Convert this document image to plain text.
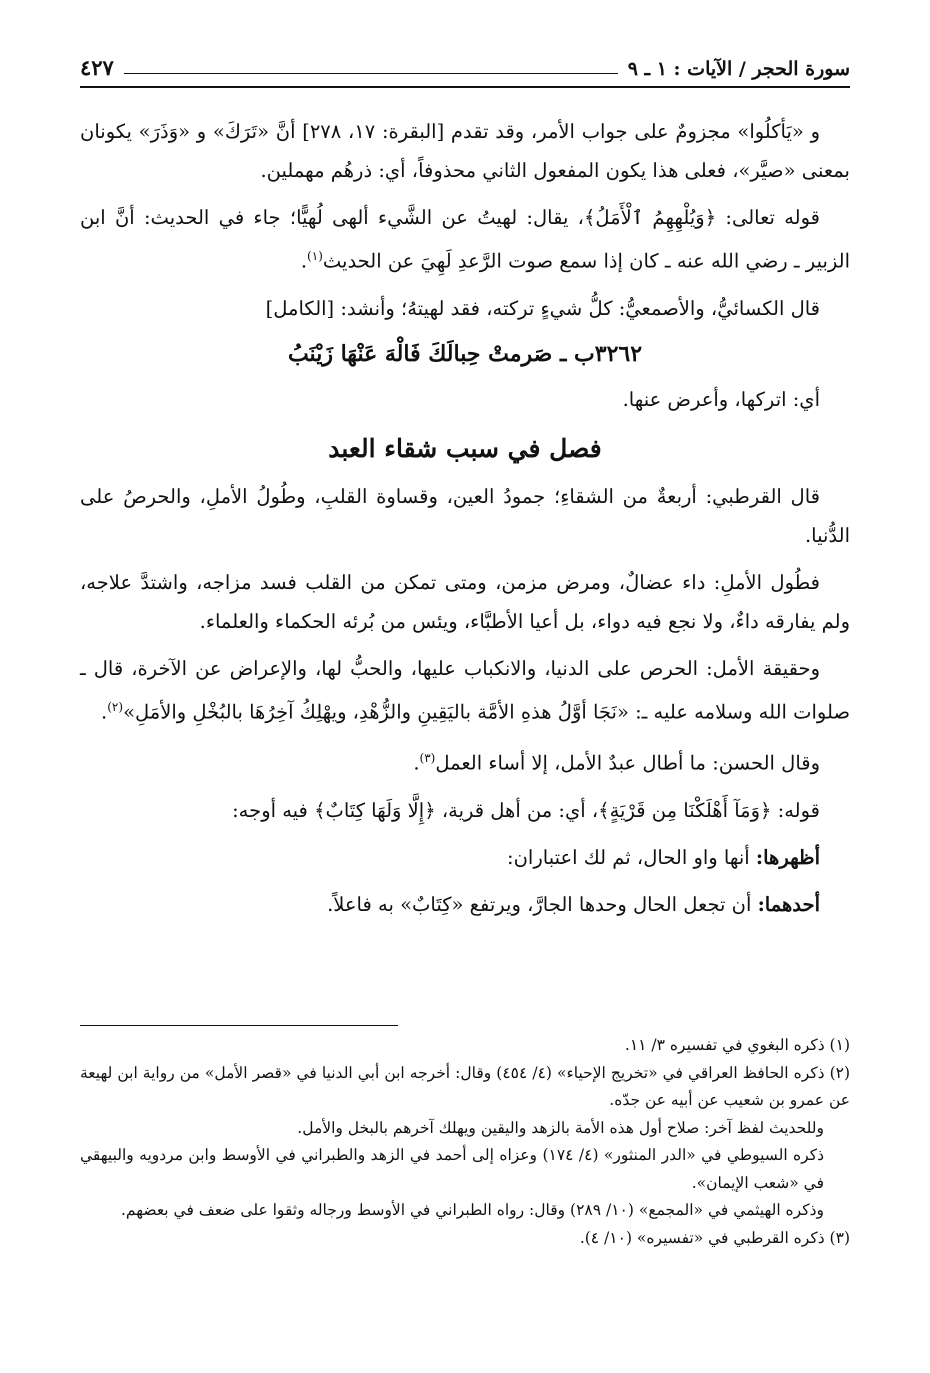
سورة الحجر / الآيات : ١ ـ ٩
٤٢٧

و «يَأكلُوا» مجزومٌ على جواب الأمر، وقد تقدم [البقرة: ١٧، ٢٧٨] أنَّ «تَرَكَ» و «وَذَرَ» يكونان بمعنى «صيَّر»، فعلى هذا يكون المفعول الثاني محذوفاً، أي: ذرهُم مهملين.

قوله تعالى: ﴿وَيُلْهِهِمُ ٱلْأَمَلُ﴾، يقال: لهيتُ عن الشَّيء ألهى لُهيًّا؛ جاء في الحديث: أنَّ ابن الزبير ـ رضي الله عنه ـ كان إذا سمع صوت الرَّعدِ لَهِيَ عن الحديث$^{(١)}$.

قال الكسائيُّ، والأصمعيُّ: كلُّ شيءٍ تركته، فقد لهيتهُ؛ وأنشد: [الكامل]

٣٢٦٢ب ـ صَرمتْ حِبالَكَ فَالْهَ عَنْهَا زَيْنَبُ

أي: اتركها، وأعرض عنها.

فصل في سبب شقاء العبد

قال القرطبي: أربعةٌ من الشقاءِ؛ جمودُ العين، وقساوة القلبِ، وطُولُ الأملِ، والحرصُ على الدُّنيا.

فطُول الأملِ: داء عضالٌ، ومرض مزمن، ومتى تمكن من القلب فسد مزاجه، واشتدَّ علاجه، ولم يفارقه داءٌ، ولا نجع فيه دواء، بل أعيا الأطبَّاء، ويئس من بُرئه الحكماء والعلماء.

وحقيقة الأمل: الحرص على الدنيا، والانكباب عليها، والحبُّ لها، والإعراض عن الآخرة، قال ـ صلوات الله وسلامه عليه ـ: «نَجَا أوَّلُ هذهِ الأمَّة باليَقِينِ والزُّهْدِ، ويهْلِكُ آخِرُهَا بالبُخْلِ والأمَلِ»$^{(٢)}$.

وقال الحسن: ما أطال عبدٌ الأمل، إلا أساء العمل$^{(٣)}$.

قوله: ﴿وَمَآ أَهْلَكْنَا مِن قَرْيَةٍ﴾، أي: من أهل قرية، ﴿إِلَّا وَلَهَا كِتَابٌ﴾ فيه أوجه:

أظهرها: أنها واو الحال، ثم لك اعتباران:

أحدهما: أن تجعل الحال وحدها الجارَّ، ويرتفع «كِتَابٌ» به فاعلاً.

(١) ذكره البغوي في تفسيره ٣/ ١١.

(٢) ذكره الحافظ العراقي في «تخريج الإحياء» (٤/ ٤٥٤) وقال: أخرجه ابن أبي الدنيا في «قصر الأمل» من رواية ابن لهيعة عن عمرو بن شعيب عن أبيه عن جدّه.

وللحديث لفظ آخر: صلاح أول هذه الأمة بالزهد واليقين ويهلك آخرهم بالبخل والأمل.

ذكره السيوطي في «الدر المنثور» (٤/ ١٧٤) وعزاه إلى أحمد في الزهد والطبراني في الأوسط وابن مردويه والبيهقي في «شعب الإيمان».

وذكره الهيثمي في «المجمع» (١٠/ ٢٨٩) وقال: رواه الطبراني في الأوسط ورجاله وثقوا على ضعف في بعضهم.

(٣) ذكره القرطبي في «تفسيره» (١٠/ ٤).
